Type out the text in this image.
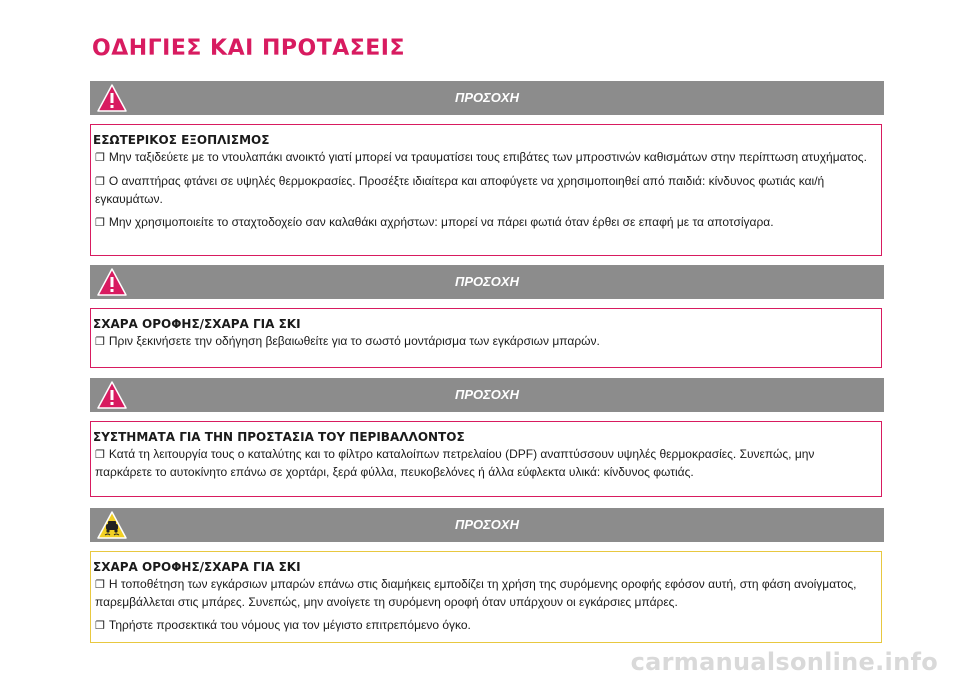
ΟΔΗΓΙΕΣ ΚΑΙ ΠΡΟΤΑΣΕΙΣ
ΠΡΟΣΟΧΗ

ΕΣΩΤΕΡΙΚΟΣ ΕΞΟΠΛΙΣΜΟΣ

❐ Μην ταξιδεύετε με το ντουλαπάκι ανοικτό γιατί μπορεί να τραυματίσει τους επιβάτες των μπροστινών καθισμάτων στην περίπτωση ατυχήματος.

❐ Ο αναπτήρας φτάνει σε υψηλές θερμοκρασίες. Προσέξτε ιδιαίτερα και αποφύγετε να χρησιμοποιηθεί από παιδιά: κίνδυνος φωτιάς και/ή εγκαυμάτων.

❐ Μην χρησιμοποιείτε το σταχτοδοχείο σαν καλαθάκι αχρήστων: μπορεί να πάρει φωτιά όταν έρθει σε επαφή με τα αποτσίγαρα.

ΠΡΟΣΟΧΗ

ΣΧΑΡΑ ΟΡΟΦΗΣ/ΣΧΑΡΑ ΓΙΑ ΣΚΙ

❐ Πριν ξεκινήσετε την οδήγηση βεβαιωθείτε για το σωστό μοντάρισμα των εγκάρσιων μπαρών.

ΠΡΟΣΟΧΗ

ΣΥΣΤΗΜΑΤΑ ΓΙΑ ΤΗΝ ΠΡΟΣΤΑΣΙΑ ΤΟΥ ΠΕΡΙΒΑΛΛΟΝΤΟΣ

❐ Κατά τη λειτουργία τους ο καταλύτης και το φίλτρο καταλοίπων πετρελαίου (DPF) αναπτύσσουν υψηλές θερμοκρασίες. Συνεπώς, μην παρκάρετε το αυτοκίνητο επάνω σε χορτάρι, ξερά φύλλα, πευκοβελόνες ή άλλα εύφλεκτα υλικά: κίνδυνος φωτιάς.

ΠΡΟΣΟΧΗ

ΣΧΑΡΑ ΟΡΟΦΗΣ/ΣΧΑΡΑ ΓΙΑ ΣΚΙ

❐ Η τοποθέτηση των εγκάρσιων μπαρών επάνω στις διαμήκεις εμποδίζει τη χρήση της συρόμενης οροφής εφόσον αυτή, στη φάση ανοίγματος, παρεμβάλλεται στις μπάρες. Συνεπώς, μην ανοίγετε τη συρόμενη οροφή όταν υπάρχουν οι εγκάρσιες μπάρες.

❐ Τηρήστε προσεκτικά του νόμους για τον μέγιστο επιτρεπόμενο όγκο.

carmanualsonline.info
